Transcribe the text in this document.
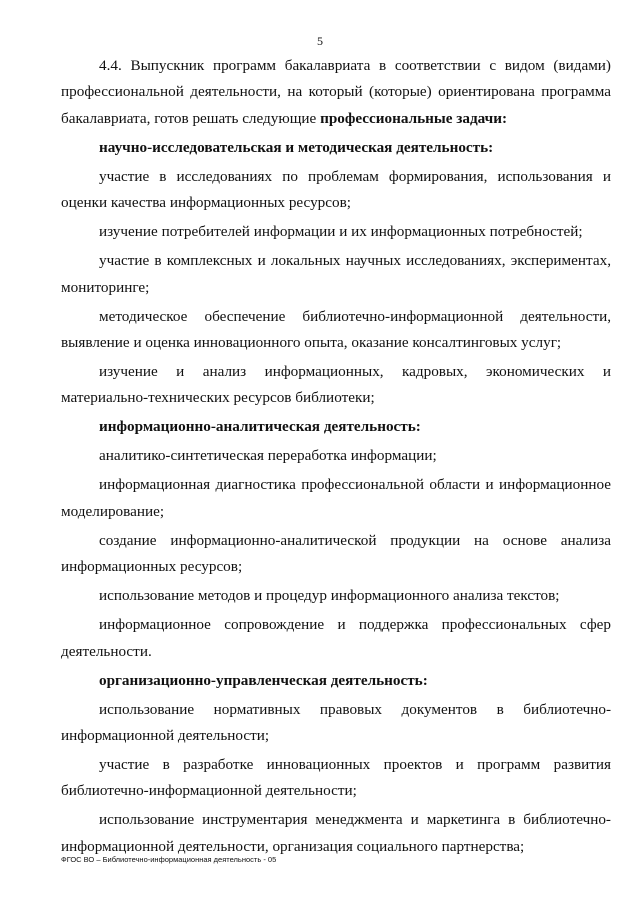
5

4.4. Выпускник программ бакалавриата в соответствии с видом (видами) профессиональной деятельности, на который (которые) ориентирована программа бакалавриата, готов решать следующие профессиональные задачи:

научно-исследовательская и методическая деятельность:

участие в исследованиях по проблемам формирования, использования и оценки качества информационных ресурсов;

изучение потребителей информации и их информационных потребностей;

участие в комплексных и локальных научных исследованиях, экспериментах, мониторинге;

методическое обеспечение библиотечно-информационной деятельности, выявление и оценка инновационного опыта, оказание консалтинговых услуг;

изучение и анализ информационных, кадровых, экономических и материально-технических ресурсов библиотеки;

информационно-аналитическая деятельность:

аналитико-синтетическая переработка информации;

информационная диагностика профессиональной области и информационное моделирование;

создание информационно-аналитической продукции на основе анализа информационных ресурсов;

использование методов и процедур информационного анализа текстов;

информационное сопровождение и поддержка профессиональных сфер деятельности.

организационно-управленческая деятельность:

использование нормативных правовых документов в библиотечно-информационной деятельности;

участие в разработке инновационных проектов и программ развития библиотечно-информационной деятельности;

использование инструментария менеджмента и маркетинга в библиотечно-информационной деятельности, организация социального партнерства;

ФГОС ВО – Библиотечно-информационная деятельность - 05
